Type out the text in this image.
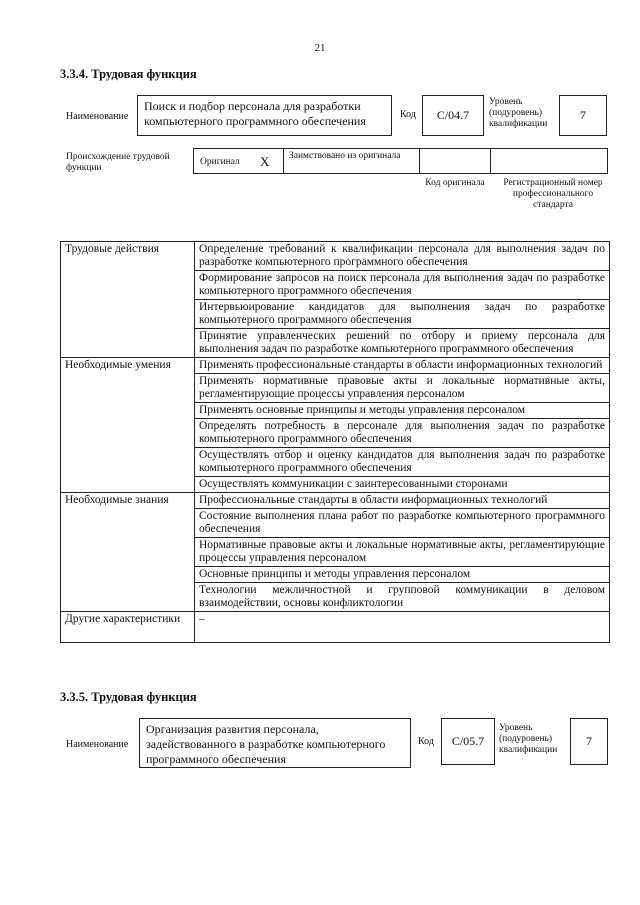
21
3.3.4. Трудовая функция
Наименование
Поиск и подбор персонала для разработки компьютерного программного обеспечения	Код	C/04.7
Уровень (подуровень) квалификации
7
Происхождение трудовой функции
Оригинал X Заимствовано из оригинала
Код оригинала	Регистрационный номер профессионального стандарта
Трудовые действия	Определение требований к квалификации персонала для выполнения задач по разработке компьютерного программного обеспечения
	Формирование запросов на поиск персонала для выполнения задач по разработке компьютерного программного обеспечения
	Интервьюирование кандидатов для выполнения задач по разработке компьютерного программного обеспечения
	Принятие управленческих решений по отбору и приему персонала для выполнения задач по разработке компьютерного программного обеспечения
Необходимые умения	Применять профессиональные стандарты в области информационных технологий
	Применять нормативные правовые акты и локальные нормативные акты, регламентирующие процессы управления персоналом
	Применять основные принципы и методы управления персоналом
	Определять потребность в персонале для выполнения задач по разработке компьютерного программного обеспечения
	Осуществлять отбор и оценку кандидатов для выполнения задач по разработке компьютерного программного обеспечения
	Осуществлять коммуникации с заинтересованными сторонами
Необходимые знания	Профессиональные стандарты в области информационных технологий
	Состояние выполнения плана работ по разработке компьютерного программного обеспечения
	Нормативные правовые акты и локальные нормативные акты, регламентирующие процессы управления персоналом
	Основные принципы и методы управления персоналом
	Технологии межличностной и групповой коммуникации в деловом взаимодействии, основы конфликтологии
Другие характеристики	–
3.3.5. Трудовая функция
Наименование
Организация развития персонала, задействованного в разработке компьютерного программного обеспечения
Код	C/05.7
Уровень (подуровень) квалификации
7
